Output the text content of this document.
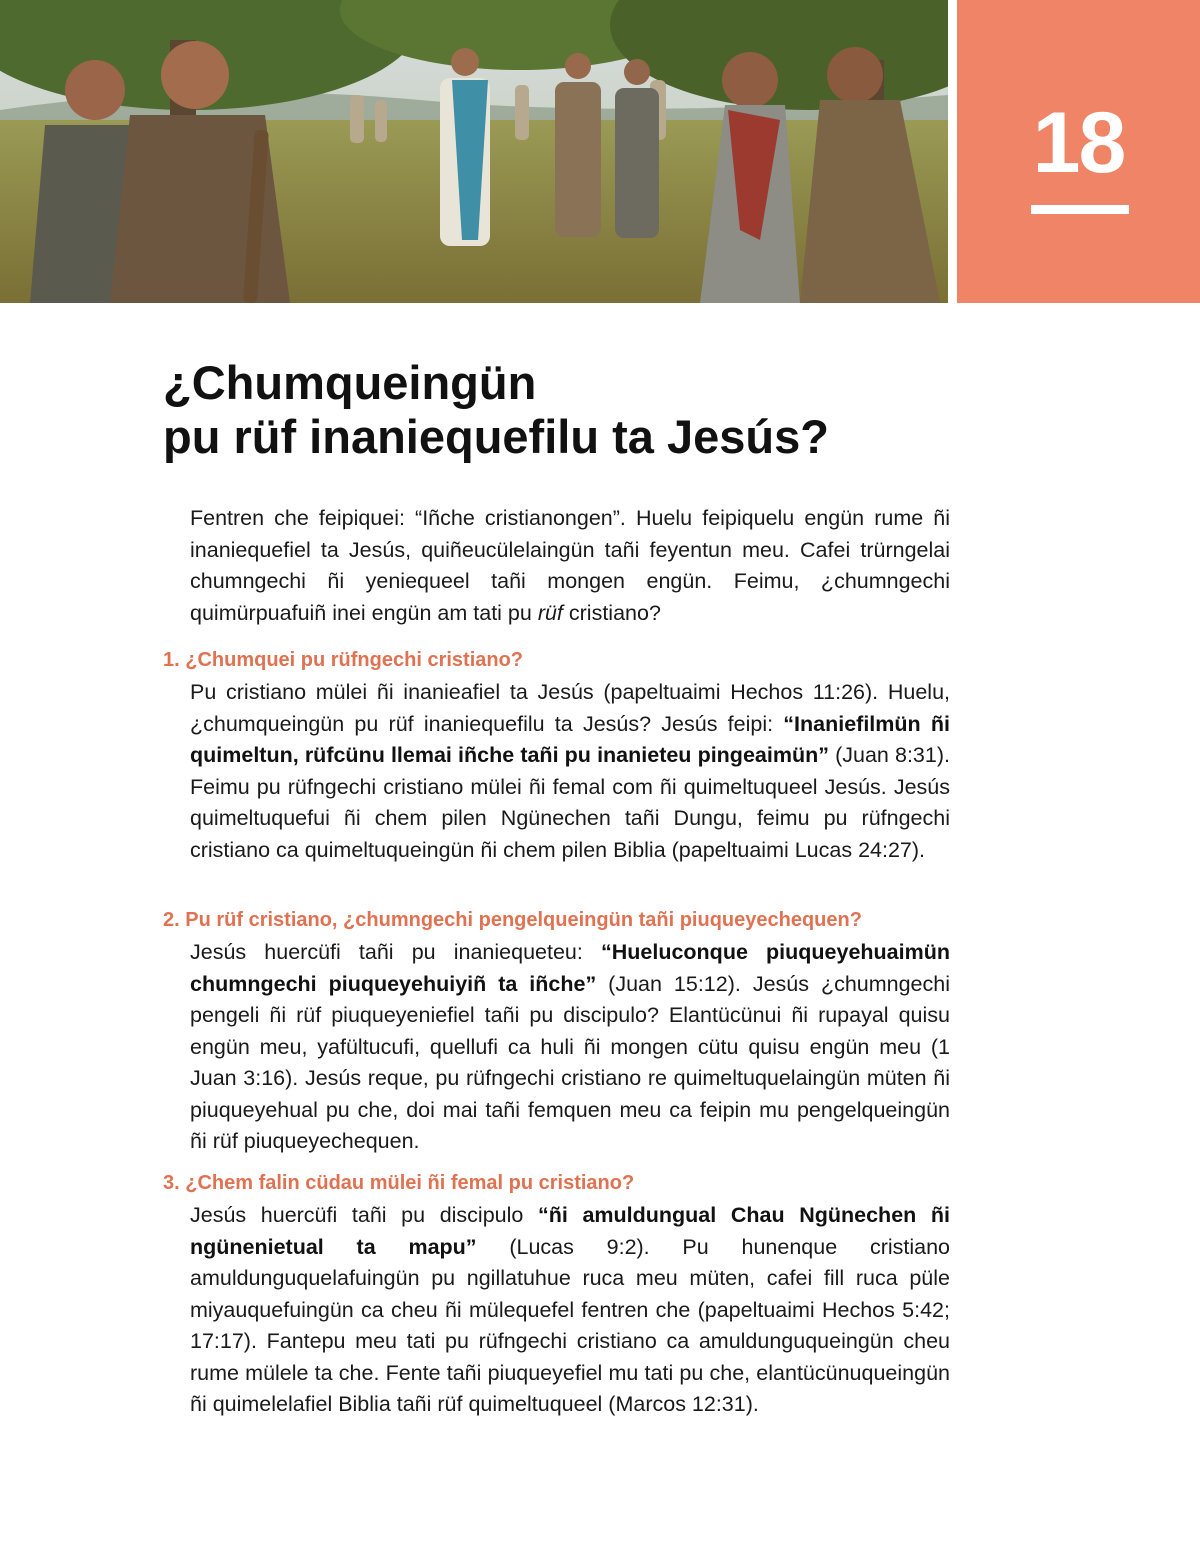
18
¿Chumqueingün
pu rüf inaniequefilu ta Jesús?

Fentren che feipiquei: “Iñche cristianongen”. Huelu feipiquelu engün rume ñi inaniequefiel ta Jesús, quiñeucülelaingün tañi feyentun meu. Cafei trürngelai chumngechi ñi yeniequeel tañi mongen engün. Feimu, ¿chumngechi quimürpuafuiñ inei engün am tati pu rüf cristiano?

1. ¿Chumquei pu rüfngechi cristiano?

Pu cristiano mülei ñi inanieafiel ta Jesús (papeltuaimi Hechos 11:26). Huelu, ¿chumqueingün pu rüf inaniequefilu ta Jesús? Jesús feipi: “Inaniefilmün ñi quimeltun, rüfcünu llemai iñche tañi pu inanieteu pingeaimün” (Juan 8:31). Feimu pu rüfngechi cristiano mülei ñi femal com ñi quimeltuqueel Jesús. Jesús quimeltuquefui ñi chem pilen Ngünechen tañi Dungu, feimu pu rüfngechi cristiano ca quimeltuqueingün ñi chem pilen Biblia (papeltuaimi Lucas 24:27).

2. Pu rüf cristiano, ¿chumngechi pengelqueingün tañi piuqueyechequen?

Jesús huercüfi tañi pu inaniequeteu: “Hueluconque piuqueyehuaimün chumngechi piuqueyehuiyiñ ta iñche” (Juan 15:12). Jesús ¿chumngechi pengeli ñi rüf piuqueyeniefiel tañi pu discipulo? Elantücünui ñi rupayal quisu engün meu, yafültucufi, quellufi ca huli ñi mongen cütu quisu engün meu (1 Juan 3:16). Jesús reque, pu rüfngechi cristiano re quimeltuquelaingün müten ñi piuqueyehual pu che, doi mai tañi femquen meu ca feipin mu pengelqueingün ñi rüf piuqueyechequen.

3. ¿Chem falin cüdau mülei ñi femal pu cristiano?

Jesús huercüfi tañi pu discipulo “ñi amuldungual Chau Ngünechen ñi ngünenietual ta mapu” (Lucas 9:2). Pu hunenque cristiano amuldunguquelafuingün pu ngillatuhue ruca meu müten, cafei fill ruca püle miyauquefuingün ca cheu ñi mülequefel fentren che (papeltuaimi Hechos 5:42; 17:17). Fantepu meu tati pu rüfngechi cristiano ca amuldunguqueingün cheu rume mülele ta che. Fente tañi piuqueyefiel mu tati pu che, elantücünuqueingün ñi quimelelafiel Biblia tañi rüf quimeltuqueel (Marcos 12:31).
